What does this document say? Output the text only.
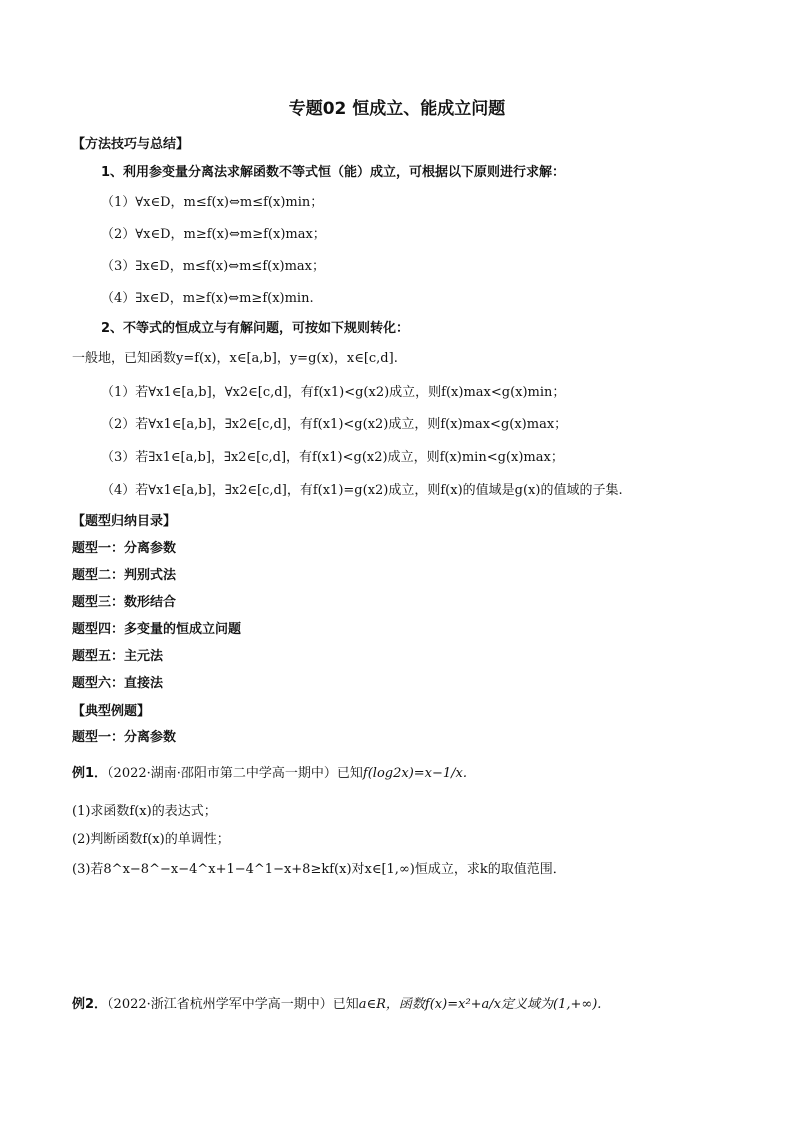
专题02 恒成立、能成立问题
【方法技巧与总结】
1、利用参变量分离法求解函数不等式恒（能）成立，可根据以下原则进行求解：
（1）∀x∈D，m≤f(x)⇔m≤f(x)min；
（2）∀x∈D，m≥f(x)⇔m≥f(x)max；
（3）∃x∈D，m≤f(x)⇔m≤f(x)max；
（4）∃x∈D，m≥f(x)⇔m≥f(x)min.
2、不等式的恒成立与有解问题，可按如下规则转化：
一般地，已知函数y=f(x)，x∈[a,b]，y=g(x)，x∈[c,d].
（1）若∀x1∈[a,b]，∀x2∈[c,d]，有f(x1)<g(x2)成立，则f(x)max<g(x)min；
（2）若∀x1∈[a,b]，∃x2∈[c,d]，有f(x1)<g(x2)成立，则f(x)max<g(x)max；
（3）若∃x1∈[a,b]，∃x2∈[c,d]，有f(x1)<g(x2)成立，则f(x)min<g(x)max；
（4）若∀x1∈[a,b]，∃x2∈[c,d]，有f(x1)=g(x2)成立，则f(x)的值域是g(x)的值域的子集.
【题型归纳目录】
题型一：分离参数
题型二：判别式法
题型三：数形结合
题型四：多变量的恒成立问题
题型五：主元法
题型六：直接法
【典型例题】
题型一：分离参数
例1．（2022·湖南·邵阳市第二中学高一期中）已知f(log2x)=x−1/x.
(1)求函数f(x)的表达式；
(2)判断函数f(x)的单调性；
(3)若8^x−8^−x−4^x+1−4^1−x+8≥kf(x)对x∈[1,∞)恒成立，求k的取值范围．
例2．（2022·浙江省杭州学军中学高一期中）已知a∈R，函数f(x)=x²+a/x定义域为(1,+∞).
